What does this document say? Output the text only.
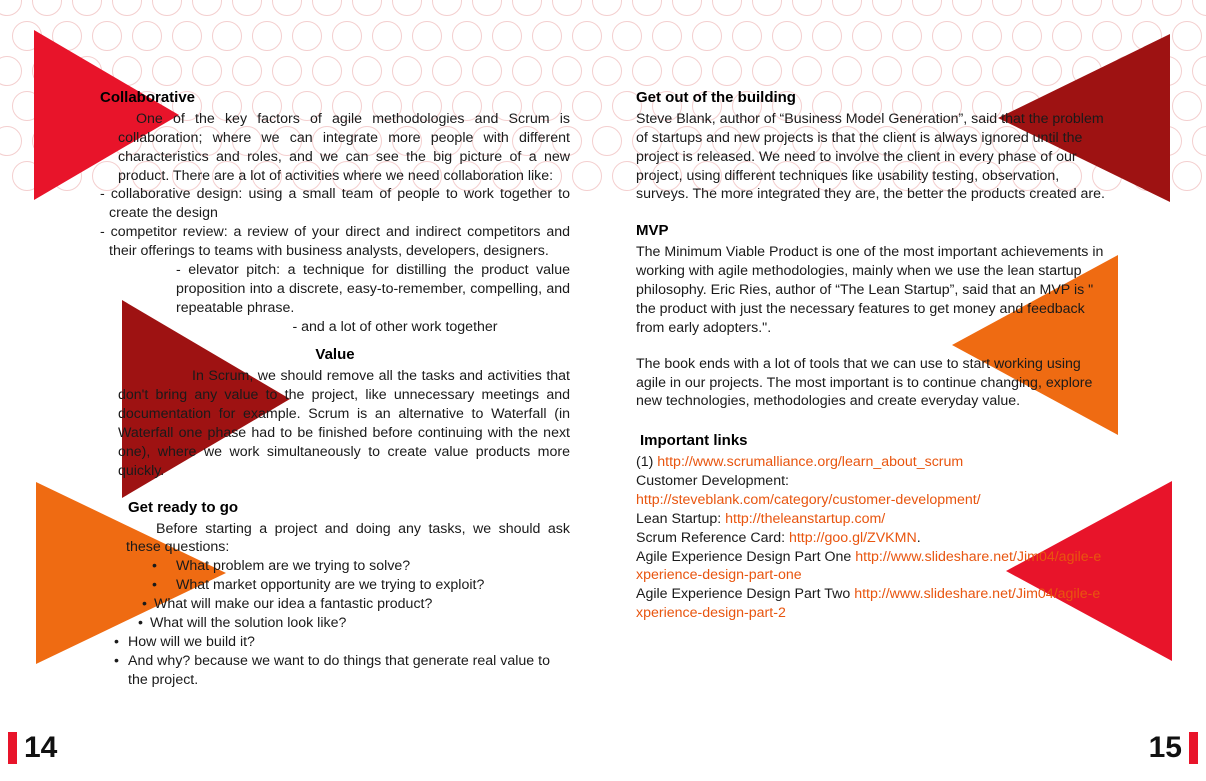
Collaborative

One of the key factors of agile methodologies and Scrum is collaboration; where we can integrate more people with different characteristics and roles, and we can see the big picture of a new product. There are a lot of activities where we need collaboration like:

- collaborative design: using a small team of people to work together to create the design

- competitor review: a review of your direct and indirect competitors and their offerings to teams with business analysts, developers, designers.

- elevator pitch: a technique for distilling the product value proposition into a discrete, easy-to-remember, compelling, and repeatable phrase.

- and a lot of other work together

Value

In Scrum, we should remove all the tasks and activities that don't bring any value to the project, like unnecessary meetings and documentation for example. Scrum is an alternative to Waterfall (in Waterfall one phase had to be finished before continuing with the next one), where we work simultaneously to create value products more quickly.

Get ready to go

Before starting a project and doing any tasks, we should ask these questions:

• What problem are we trying to solve?

• What market opportunity are we trying to exploit?

• What will make our idea a fantastic product?

• What will the solution look like?

• How will we build it?
• And why? because we want to do things that generate real value to the project.
Get out of the building

Steve Blank, author of “Business Model Generation”, said that the problem of startups and new projects is that the client is always ignored until the project is released. We need to involve the client in every phase of our project, using different techniques like usability testing, observation, surveys. The more integrated they are, the better the products created are.

MVP

The Minimum Viable Product is one of the most important achievements in working with agile methodologies, mainly when we use the lean startup philosophy. Eric Ries, author of “The Lean Startup”, said that an MVP is " the product with just the necessary features to get money and feedback from early adopters.".

The book ends with a lot of tools that we can use to start working using agile in our projects. The most important is to continue changing, explore new technologies, methodologies and create everyday value.

Important links

(1) http://www.scrumalliance.org/learn_about_scrum

Customer Development:

http://steveblank.com/category/customer-development/

Lean Startup: http://theleanstartup.com/

Scrum Reference Card: http://goo.gl/ZVKMN.

Agile Experience Design Part One http://www.slideshare.net/Jim04/agile-experience-design-part-one

Agile Experience Design Part Two http://www.slideshare.net/Jim04/agile-experience-design-part-2

14	15
